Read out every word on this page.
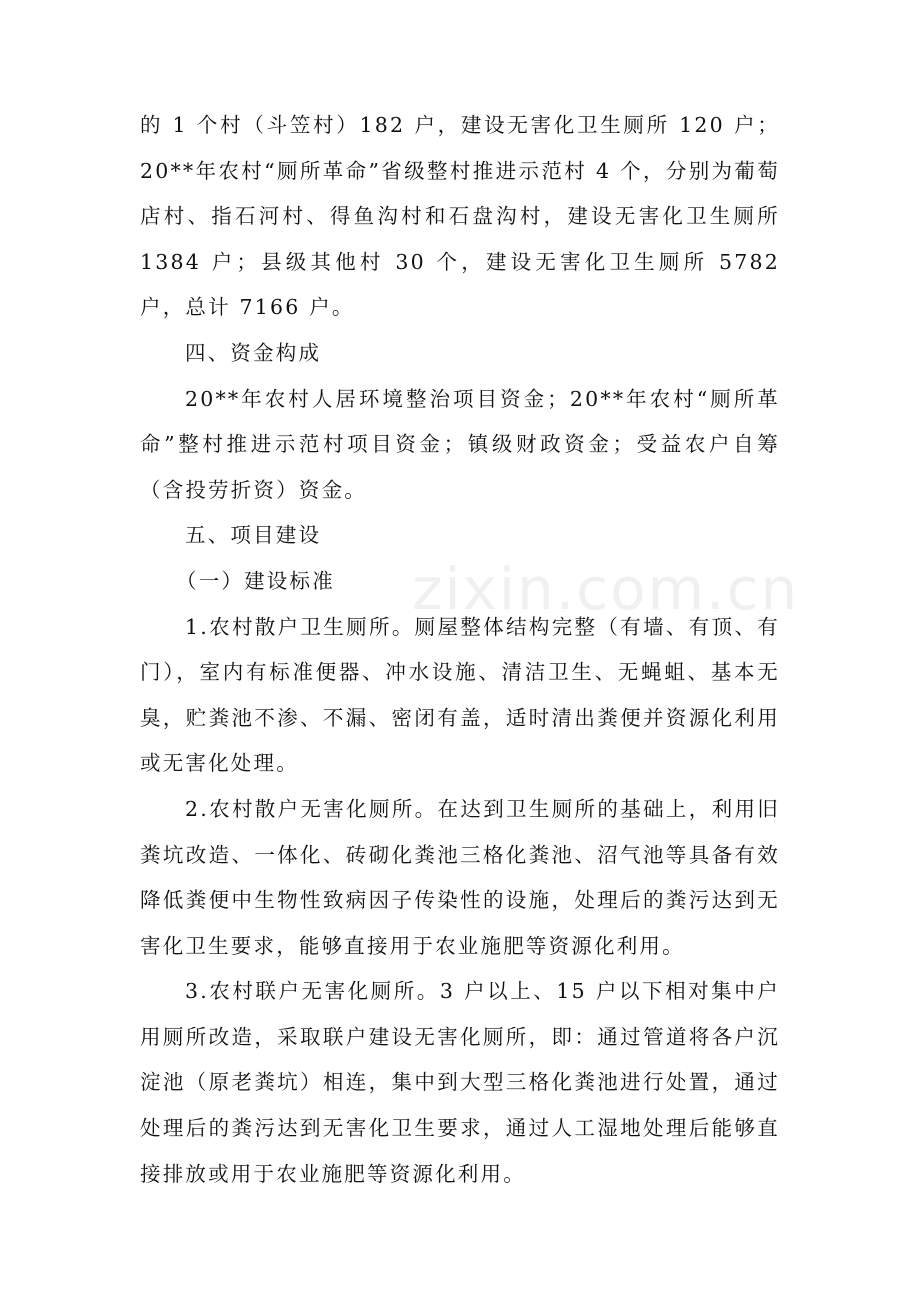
的 1 个村（斗笠村）182 户，建设无害化卫生厕所 120 户；20**年农村“厕所革命”省级整村推进示范村 4 个，分别为葡萄店村、指石河村、得鱼沟村和石盘沟村，建设无害化卫生厕所 1384 户；县级其他村 30 个，建设无害化卫生厕所 5782 户，总计 7166 户。

四、资金构成

20**年农村人居环境整治项目资金；20**年农村“厕所革命”整村推进示范村项目资金；镇级财政资金；受益农户自筹（含投劳折资）资金。

五、项目建设

（一）建设标准

1.农村散户卫生厕所。厕屋整体结构完整（有墙、有顶、有门），室内有标准便器、冲水设施、清洁卫生、无蝇蛆、基本无臭，贮粪池不渗、不漏、密闭有盖，适时清出粪便并资源化利用或无害化处理。

2.农村散户无害化厕所。在达到卫生厕所的基础上，利用旧粪坑改造、一体化、砖砌化粪池三格化粪池、沼气池等具备有效降低粪便中生物性致病因子传染性的设施，处理后的粪污达到无害化卫生要求，能够直接用于农业施肥等资源化利用。

3.农村联户无害化厕所。3 户以上、15 户以下相对集中户用厕所改造，采取联户建设无害化厕所，即：通过管道将各户沉淀池（原老粪坑）相连，集中到大型三格化粪池进行处置，通过处理后的粪污达到无害化卫生要求，通过人工湿地处理后能够直接排放或用于农业施肥等资源化利用。

zixin.com.cn
